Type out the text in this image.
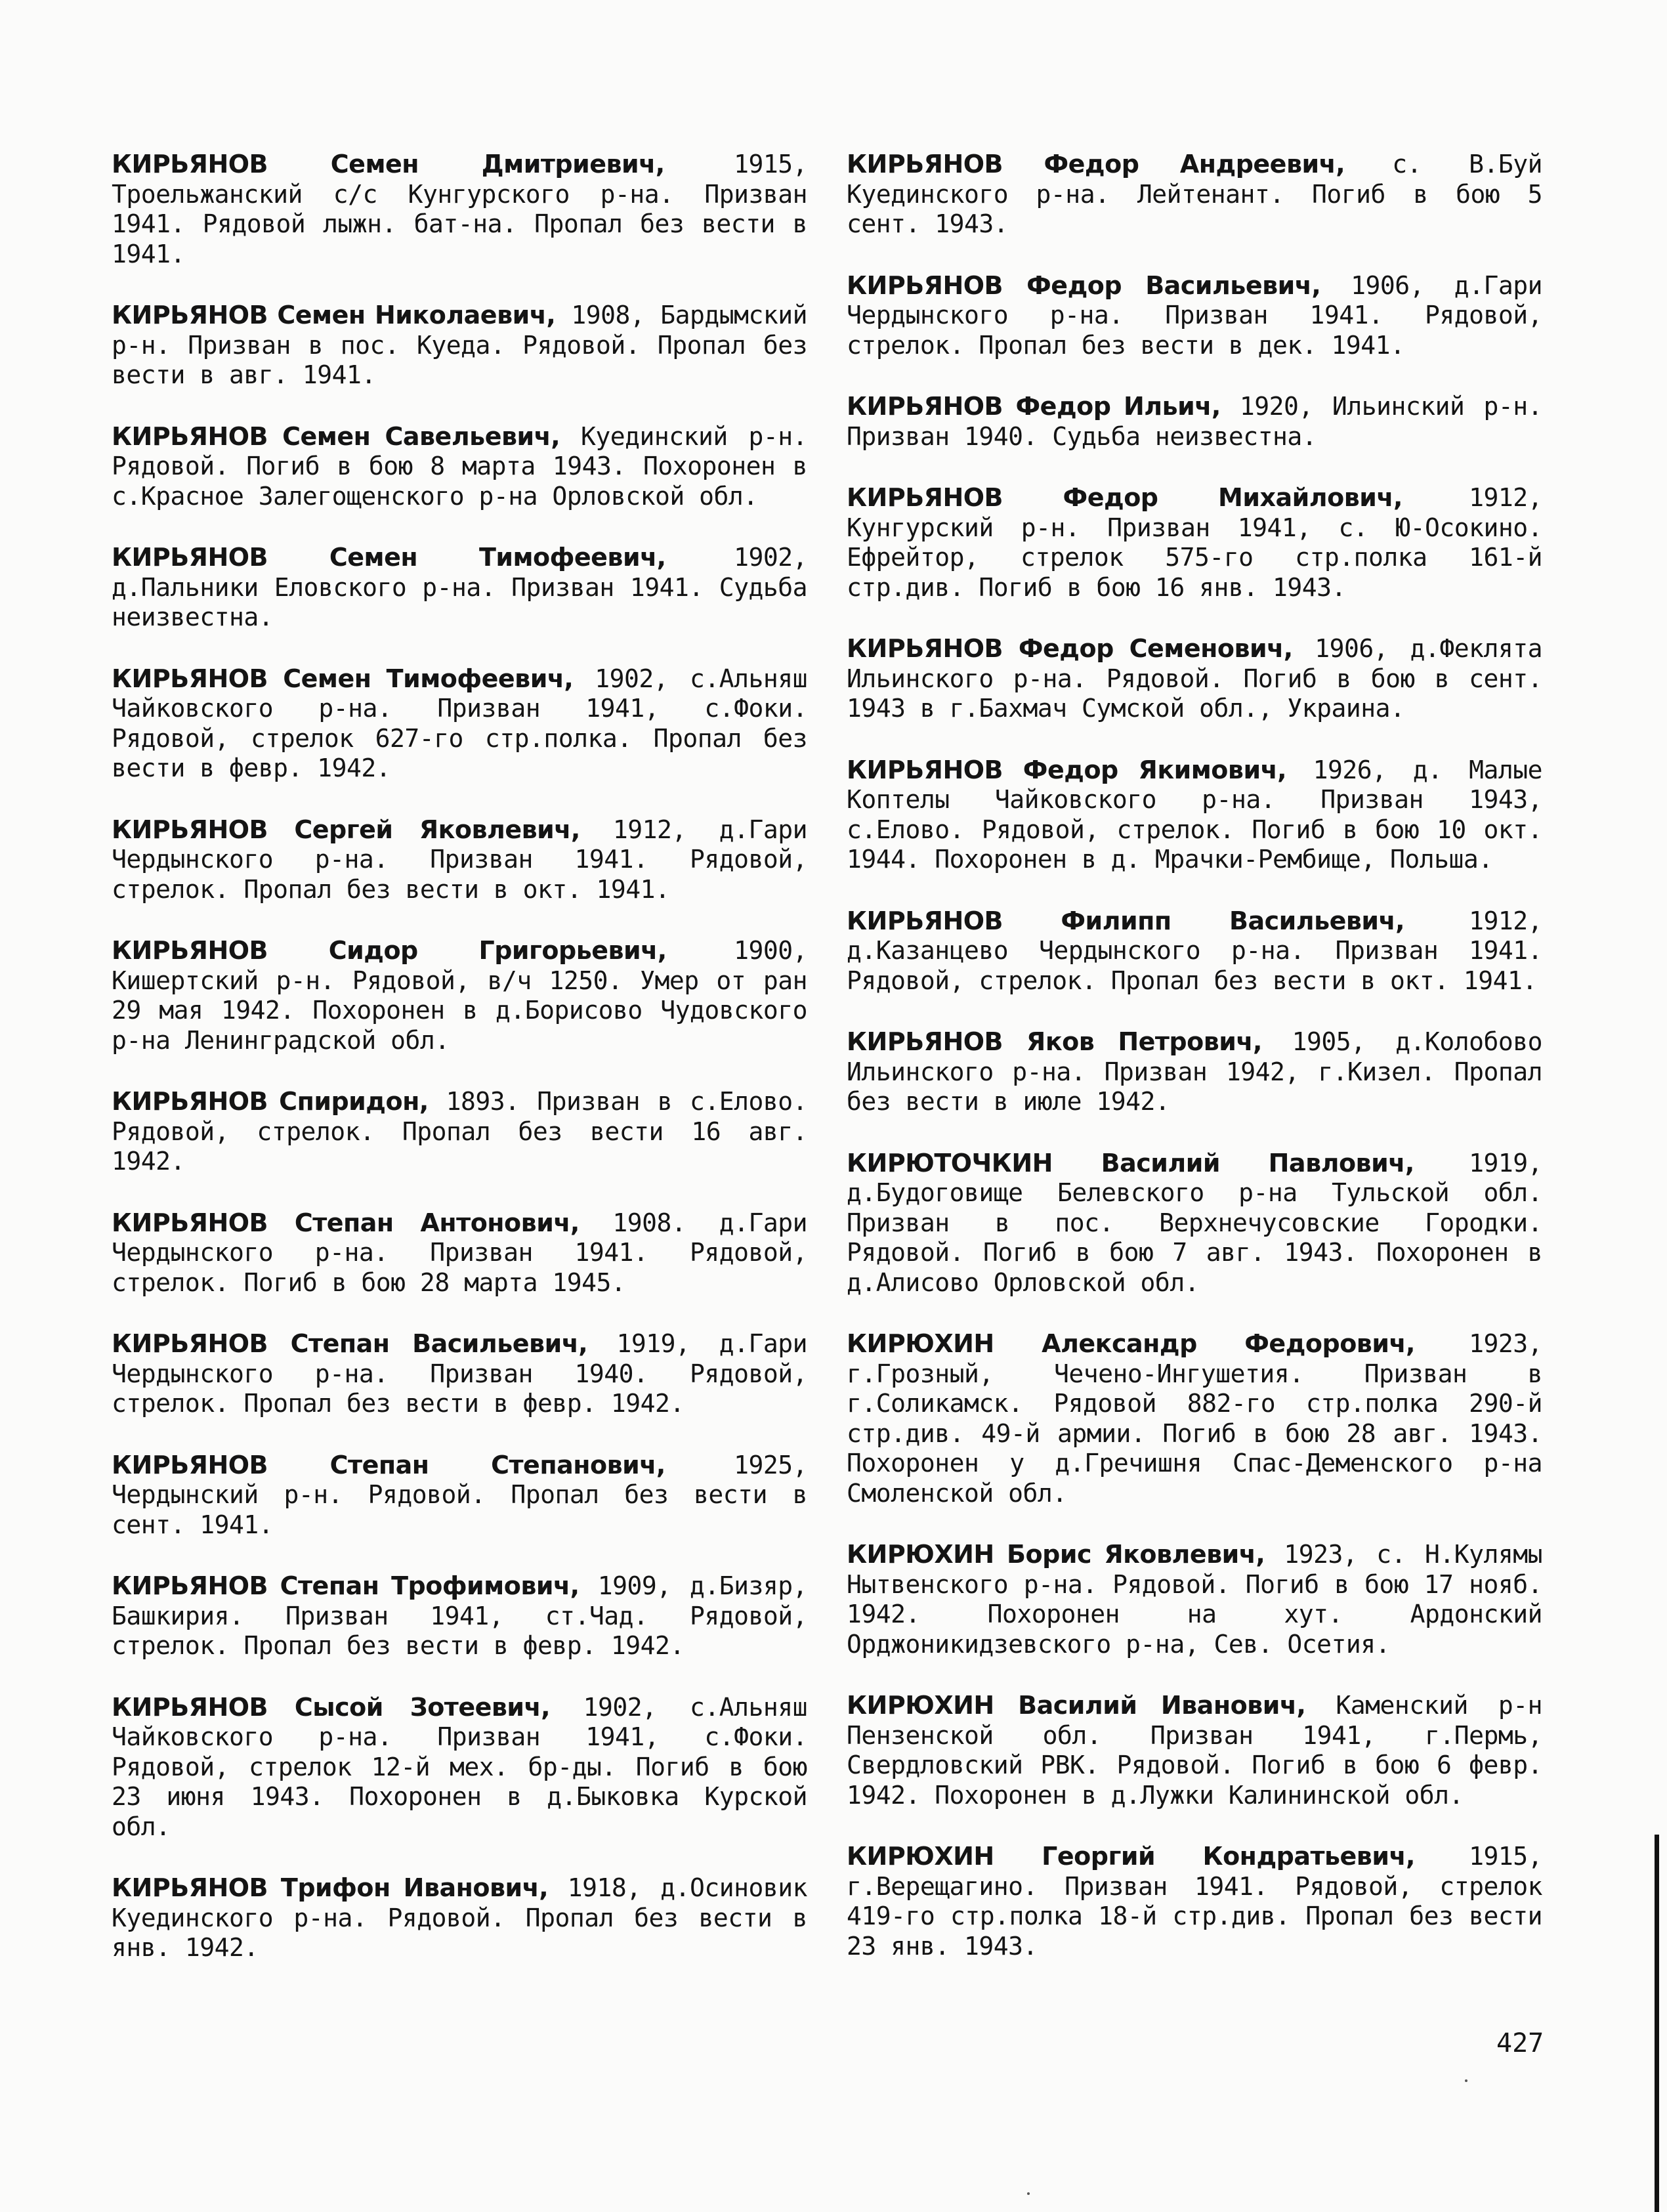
КИРЬЯНОВ Семен Дмитриевич,	1915, Троельжанский с/с Кунгурского р-на. Призван 1941. Рядовой лыжн. бат-на. Пропал без вести в 1941.

КИРЬЯНОВ Семен Николаевич, 1908, Бардымский р-н. Призван в пос. Куеда. Рядовой. Пропал без вести в авг. 1941.

КИРЬЯНОВ Семен Савельевич, Куединский р-н. Рядовой. Погиб в бою 8 марта 1943. Похоронен в с.Красное Залегощенского р-на Орловской обл.

КИРЬЯНОВ Семен Тимофеевич,	1902, д.Пальники Еловского р-на. Призван 1941. Судьба неизвестна.

КИРЬЯНОВ Семен Тимофеевич, 1902, с.Альняш Чайковского р-на. Призван 1941, с.Фоки. Рядовой, стрелок 627-го стр.полка. Пропал без вести в февр. 1942.

КИРЬЯНОВ Сергей Яковлевич, 1912, д.Гари Чердынского р-на. Призван 1941. Рядовой, стрелок. Пропал без вести в окт. 1941.

КИРЬЯНОВ Сидор Григорьевич,	1900, Кишертский р-н. Рядовой, в/ч 1250. Умер от ран 29 мая 1942. Похоронен в д.Борисово Чудовского р-на Ленинградской обл.

КИРЬЯНОВ Спиридон, 1893. Призван в с.Елово. Рядовой, стрелок. Пропал без вести 16 авг. 1942.

КИРЬЯНОВ Степан Антонович, 1908. д.Гари Чердынского р-на. Призван 1941. Рядовой, стрелок. Погиб в бою 28 марта 1945.

КИРЬЯНОВ Степан Васильевич, 1919, д.Гари Чердынского р-на. Призван 1940. Рядовой, стрелок. Пропал без вести в февр. 1942.

КИРЬЯНОВ Степан Степанович,	1925, Чердынский р-н. Рядовой. Пропал без вести в сент. 1941.

КИРЬЯНОВ Степан Трофимович, 1909, д.Бизяр, Башкирия. Призван 1941, ст.Чад. Рядовой, стрелок. Пропал без вести в февр. 1942.

КИРЬЯНОВ Сысой Зотеевич, 1902, с.Альняш Чайковского р-на. Призван 1941, с.Фоки. Рядовой, стрелок 12-й мех. бр-ды. Погиб в бою 23 июня 1943. Похоронен в д.Быковка Курской обл.

КИРЬЯНОВ Трифон Иванович, 1918, д.Осиновик Куединского р-на. Рядовой. Пропал без вести в янв. 1942.

КИРЬЯНОВ Федор Андреевич, с. В.Буй Куединского р-на. Лейтенант. Погиб в бою 5 сент. 1943.

КИРЬЯНОВ Федор Васильевич, 1906, д.Гари Чердынского р-на. Призван 1941. Рядовой, стрелок. Пропал без вести в дек. 1941.

КИРЬЯНОВ Федор Ильич, 1920, Ильинский р-н. Призван 1940. Судьба неизвестна.

КИРЬЯНОВ Федор Михайлович,	1912, Кунгурский р-н. Призван 1941, с. Ю-Осокино. Ефрейтор, стрелок 575-го стр.полка 161-й стр.див. Погиб в бою 16 янв. 1943.

КИРЬЯНОВ Федор Семенович, 1906, д.Феклята Ильинского р-на. Рядовой. Погиб в бою в сент. 1943 в г.Бахмач Сумской обл., Украина.

КИРЬЯНОВ Федор Якимович, 1926, д. Малые Коптелы Чайковского р-на. Призван 1943, с.Елово. Рядовой, стрелок. Погиб в бою 10 окт. 1944. Похоронен в д. Мрачки-Рембище, Польша.

КИРЬЯНОВ Филипп Васильевич,	1912, д.Казанцево Чердынского р-на. Призван 1941. Рядовой, стрелок. Пропал без вести в окт. 1941.

КИРЬЯНОВ Яков Петрович, 1905, д.Колобово Ильинского р-на. Призван 1942, г.Кизел. Пропал без вести в июле 1942.

КИРЮТОЧКИН Василий Павлович, 1919, д.Будоговище Белевского р-на Тульской обл. Призван в пос. Верхнечусовские Городки. Рядовой. Погиб в бою 7 авг. 1943. Похоронен в д.Алисово Орловской обл.

КИРЮХИН Александр Федорович, 1923, г.Грозный, Чечено-Ингушетия. Призван в г.Соликамск. Рядовой 882-го стр.полка 290-й стр.див. 49-й армии. Погиб в бою 28 авг. 1943. Похоронен у д.Гречишня Спас-Деменского р-на Смоленской обл.

КИРЮХИН Борис Яковлевич, 1923, с. Н.Кулямы Нытвенского р-на. Рядовой. Погиб в бою 17 нояб. 1942. Похоронен на хут. Ардонский Орджоникидзевского р-на, Сев. Осетия.

КИРЮХИН Василий Иванович, Каменский р-н Пензенской обл. Призван 1941, г.Пермь, Свердловский РВК. Рядовой. Погиб в бою 6 февр. 1942. Похоронен в д.Лужки Калининской обл.

КИРЮХИН Георгий Кондратьевич, 1915, г.Верещагино. Призван 1941. Рядовой, стрелок 419-го стр.полка 18-й стр.див. Пропал без вести 23 янв. 1943.

427
